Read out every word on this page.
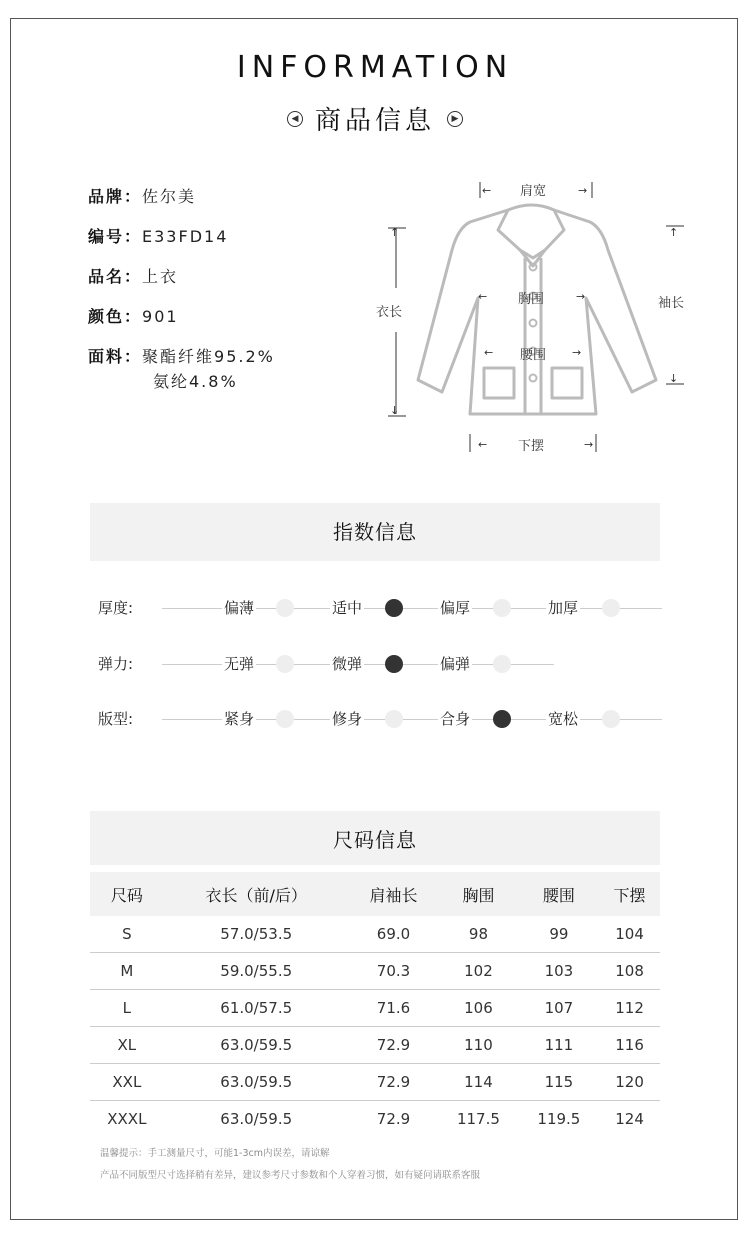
INFORMATION
◀ 商品信息	▶
品牌：佐尔美
编号：E33FD14
品名：上衣
颜色：901
面料：聚酯纤维95.2%
氨纶4.8%
←	→
↑
↓
↑
↓
←	→
←	→
←	→
肩宽
胸围
腰围
衣长
袖长
下摆
指数信息
厚度:	偏薄	适中	偏厚	加厚
弹力:	无弹	微弹	偏弹
版型:	紧身	修身	合身	宽松
尺码信息
尺码	衣长（前/后）	肩袖长	胸围	腰围	下摆
S	57.0/53.5	69.0	98	99	104
M	59.0/55.5	70.3	102	103	108
L	61.0/57.5	71.6	106	107	112
XL	63.0/59.5	72.9	110	111	116
XXL	63.0/59.5	72.9	114	115	120
XXXL	63.0/59.5	72.9	117.5	119.5	124
温馨提示：手工测量尺寸，可能1-3cm内误差，请谅解
产品不同版型尺寸选择稍有差异，建议参考尺寸参数和个人穿着习惯，如有疑问请联系客服
